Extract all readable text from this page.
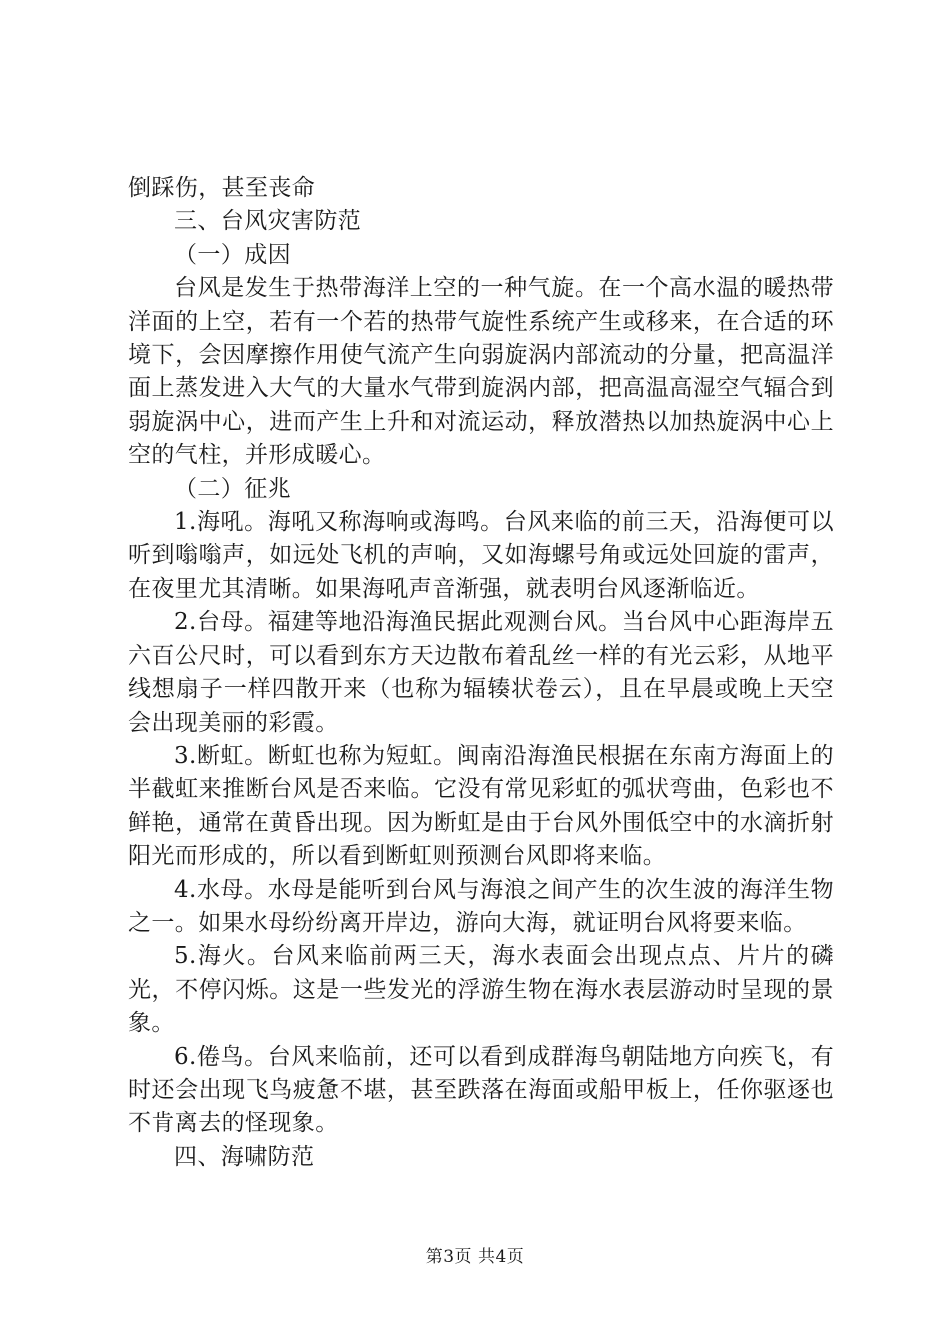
倒踩伤，甚至丧命

三、台风灾害防范

（一）成因

台风是发生于热带海洋上空的一种气旋。在一个高水温的暖热带洋面的上空，若有一个若的热带气旋性系统产生或移来，在合适的环境下，会因摩擦作用使气流产生向弱旋涡内部流动的分量，把高温洋面上蒸发进入大气的大量水气带到旋涡内部，把高温高湿空气辐合到弱旋涡中心，进而产生上升和对流运动，释放潜热以加热旋涡中心上空的气柱，并形成暖心。

（二）征兆

1.海吼。海吼又称海响或海鸣。台风来临的前三天，沿海便可以听到嗡嗡声，如远处飞机的声响，又如海螺号角或远处回旋的雷声，在夜里尤其清晰。如果海吼声音渐强，就表明台风逐渐临近。

2.台母。福建等地沿海渔民据此观测台风。当台风中心距海岸五六百公尺时，可以看到东方天边散布着乱丝一样的有光云彩，从地平线想扇子一样四散开来（也称为辐辏状卷云），且在早晨或晚上天空会出现美丽的彩霞。

3.断虹。断虹也称为短虹。闽南沿海渔民根据在东南方海面上的半截虹来推断台风是否来临。它没有常见彩虹的弧状弯曲，色彩也不鲜艳，通常在黄昏出现。因为断虹是由于台风外围低空中的水滴折射阳光而形成的，所以看到断虹则预测台风即将来临。

4.水母。水母是能听到台风与海浪之间产生的次生波的海洋生物之一。如果水母纷纷离开岸边，游向大海，就证明台风将要来临。

5.海火。台风来临前两三天，海水表面会出现点点、片片的磷光，不停闪烁。这是一些发光的浮游生物在海水表层游动时呈现的景象。

6.倦鸟。台风来临前，还可以看到成群海鸟朝陆地方向疾飞，有时还会出现飞鸟疲惫不堪，甚至跌落在海面或船甲板上，任你驱逐也不肯离去的怪现象。

四、海啸防范

第3页 共4页
